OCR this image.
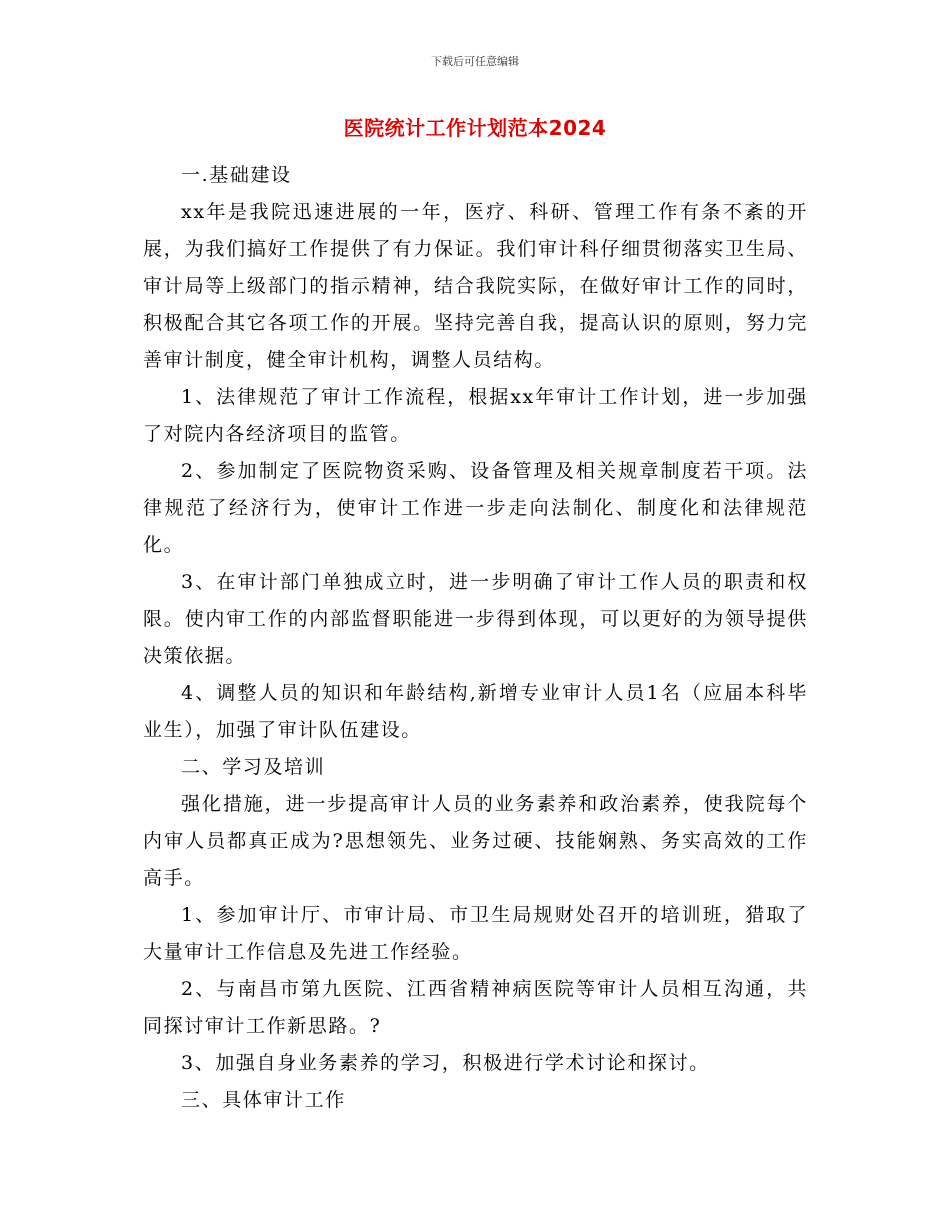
下载后可任意编辑
医院统计工作计划范本2024

一.基础建设

xx年是我院迅速进展的一年，医疗、科研、管理工作有条不紊的开展，为我们搞好工作提供了有力保证。我们审计科仔细贯彻落实卫生局、审计局等上级部门的指示精神，结合我院实际，在做好审计工作的同时，积极配合其它各项工作的开展。坚持完善自我，提高认识的原则，努力完善审计制度，健全审计机构，调整人员结构。

1、法律规范了审计工作流程，根据xx年审计工作计划，进一步加强了对院内各经济项目的监管。

2、参加制定了医院物资采购、设备管理及相关规章制度若干项。法律规范了经济行为，使审计工作进一步走向法制化、制度化和法律规范化。

3、在审计部门单独成立时，进一步明确了审计工作人员的职责和权限。使内审工作的内部监督职能进一步得到体现，可以更好的为领导提供决策依据。

4、调整人员的知识和年龄结构,新增专业审计人员1名（应届本科毕业生），加强了审计队伍建设。

二、学习及培训

强化措施，进一步提高审计人员的业务素养和政治素养，使我院每个内审人员都真正成为?思想领先、业务过硬、技能娴熟、务实高效的工作高手。

1、参加审计厅、市审计局、市卫生局规财处召开的培训班，猎取了大量审计工作信息及先进工作经验。

2、与南昌市第九医院、江西省精神病医院等审计人员相互沟通，共同探讨审计工作新思路。?

3、加强自身业务素养的学习，积极进行学术讨论和探讨。

三、具体审计工作
